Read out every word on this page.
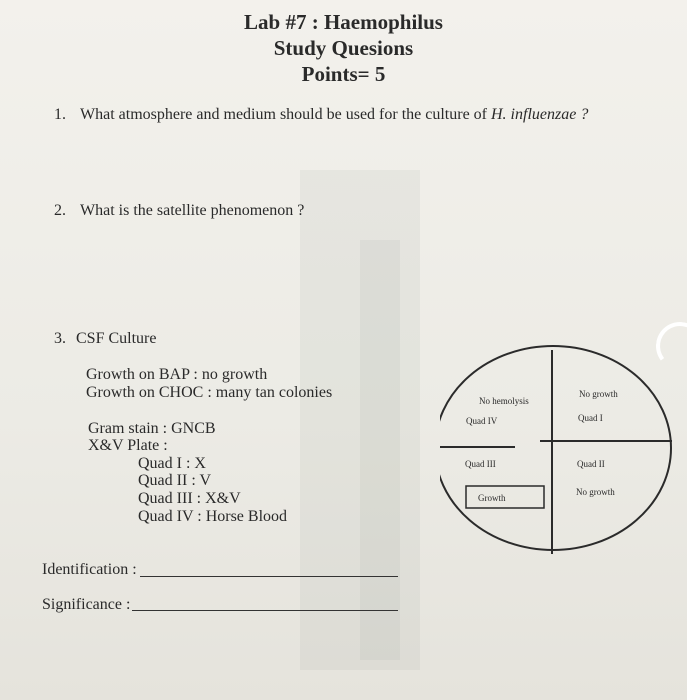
Lab #7 : Haemophilus
Study Quesions
Points= 5
1. What atmosphere and medium should be used for the culture of H. influenzae ?
2. What is the satellite phenomenon ?
3. CSF Culture
Growth on BAP : no growth
Growth on CHOC : many tan colonies
Gram stain : GNCB
X&V Plate :
Quad I : X
Quad II : V
Quad III : X&V
Quad IV : Horse Blood
Identification :
Significance :
No hemolysis
Quad IV
No growth
Quad I
Quad III
Growth
Quad II
No growth
